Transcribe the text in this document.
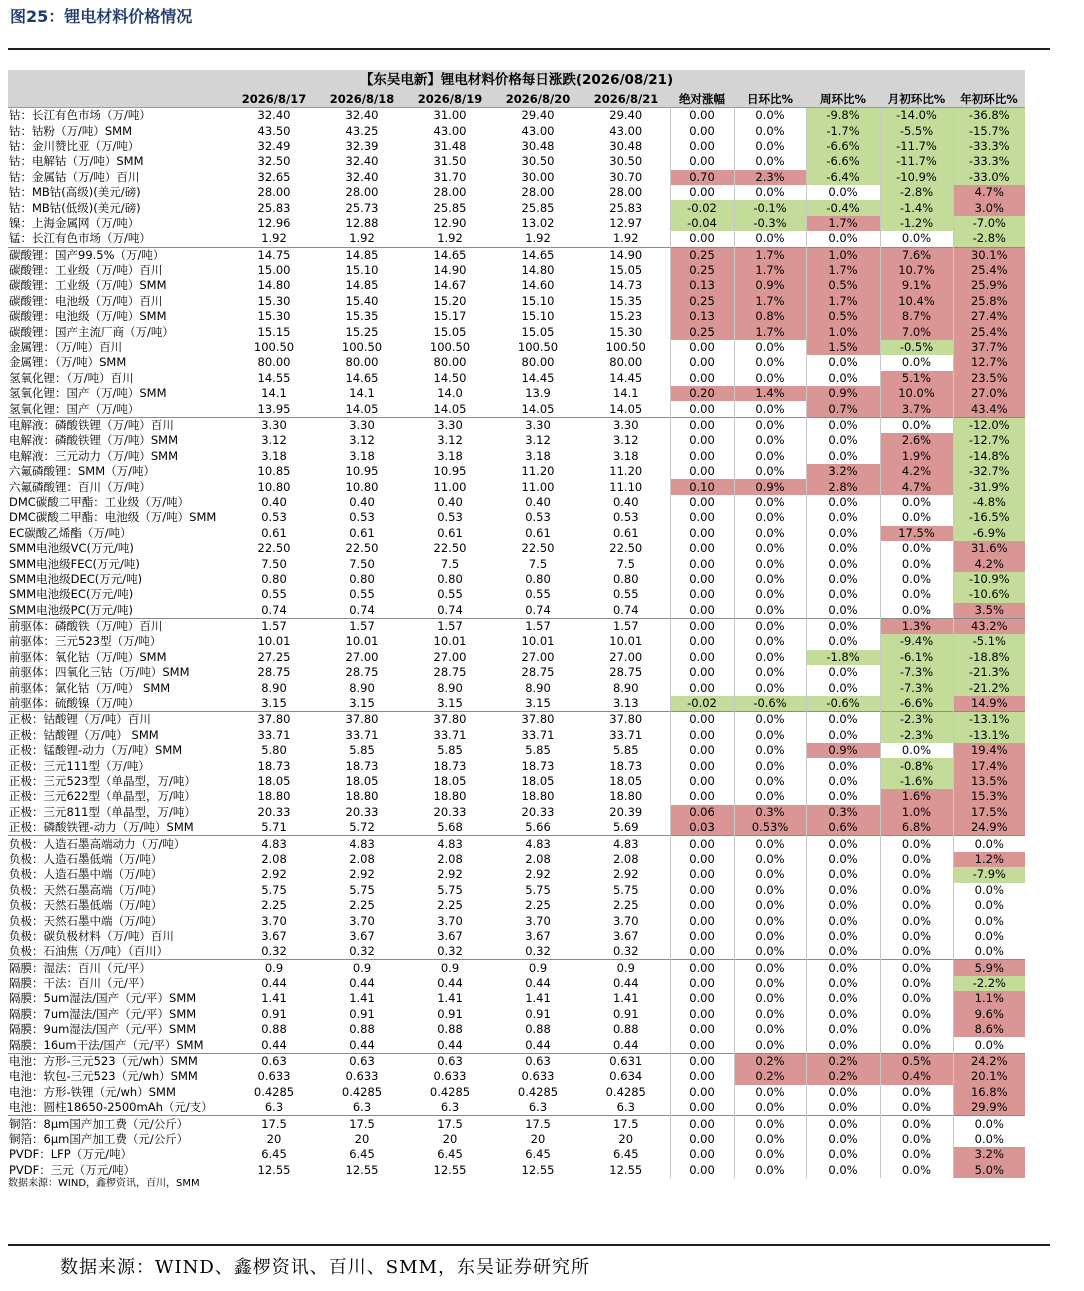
图25：锂电材料价格情况
【东吴电新】锂电材料价格每日涨跌(2026/08/21)										
	2026/8/17	2026/8/18	2026/8/19	2026/8/20	2026/8/21	绝对涨幅	日环比%	周环比%	月初环比%	年初环比%
钴：长江有色市场（万/吨）	32.40	32.40	31.00	29.40	29.40	0.00	0.0%	-9.8%	-14.0%	-36.8%
钴：钴粉（万/吨）SMM	43.50	43.25	43.00	43.00	43.00	0.00	0.0%	-1.7%	-5.5%	-15.7%
钴：金川赞比亚（万/吨）	32.49	32.39	31.48	30.48	30.48	0.00	0.0%	-6.6%	-11.7%	-33.3%
钴：电解钴（万/吨）SMM	32.50	32.40	31.50	30.50	30.50	0.00	0.0%	-6.6%	-11.7%	-33.3%
钴：金属钴（万/吨）百川	32.65	32.40	31.70	30.00	30.70	0.70	2.3%	-6.4%	-10.9%	-33.0%
钴：MB钴(高级)(美元/磅)	28.00	28.00	28.00	28.00	28.00	0.00	0.0%	0.0%	-2.8%	4.7%
钴：MB钴(低级)(美元/磅)	25.83	25.73	25.85	25.85	25.83	-0.02	-0.1%	-0.4%	-1.4%	3.0%
镍：上海金属网（万/吨）	12.96	12.88	12.90	13.02	12.97	-0.04	-0.3%	1.7%	-1.2%	-7.0%
锰：长江有色市场（万/吨）	1.92	1.92	1.92	1.92	1.92	0.00	0.0%	0.0%	0.0%	-2.8%
碳酸锂：国产99.5%（万/吨）	14.75	14.85	14.65	14.65	14.90	0.25	1.7%	1.0%	7.6%	30.1%
碳酸锂：工业级（万/吨）百川	15.00	15.10	14.90	14.80	15.05	0.25	1.7%	1.7%	10.7%	25.4%
碳酸锂：工业级（万/吨）SMM	14.80	14.85	14.67	14.60	14.73	0.13	0.9%	0.5%	9.1%	25.9%
碳酸锂：电池级（万/吨）百川	15.30	15.40	15.20	15.10	15.35	0.25	1.7%	1.7%	10.4%	25.8%
碳酸锂：电池级（万/吨）SMM	15.30	15.35	15.17	15.10	15.23	0.13	0.8%	0.5%	8.7%	27.4%
碳酸锂：国产主流厂商（万/吨）	15.15	15.25	15.05	15.05	15.30	0.25	1.7%	1.0%	7.0%	25.4%
金属锂：（万/吨）百川	100.50	100.50	100.50	100.50	100.50	0.00	0.0%	1.5%	-0.5%	37.7%
金属锂：（万/吨）SMM	80.00	80.00	80.00	80.00	80.00	0.00	0.0%	0.0%	0.0%	12.7%
氢氧化锂：（万/吨）百川	14.55	14.65	14.50	14.45	14.45	0.00	0.0%	0.0%	5.1%	23.5%
氢氧化锂：国产（万/吨）SMM	14.1	14.1	14.0	13.9	14.1	0.20	1.4%	0.9%	10.0%	27.0%
氢氧化锂：国产（万/吨）	13.95	14.05	14.05	14.05	14.05	0.00	0.0%	0.7%	3.7%	43.4%
电解液：磷酸铁锂（万/吨）百川	3.30	3.30	3.30	3.30	3.30	0.00	0.0%	0.0%	0.0%	-12.0%
电解液：磷酸铁锂（万/吨）SMM	3.12	3.12	3.12	3.12	3.12	0.00	0.0%	0.0%	2.6%	-12.7%
电解液：三元动力（万/吨）SMM	3.18	3.18	3.18	3.18	3.18	0.00	0.0%	0.0%	1.9%	-14.8%
六氟磷酸锂：SMM（万/吨）	10.85	10.95	10.95	11.20	11.20	0.00	0.0%	3.2%	4.2%	-32.7%
六氟磷酸锂：百川（万/吨）	10.80	10.80	11.00	11.00	11.10	0.10	0.9%	2.8%	4.7%	-31.9%
DMC碳酸二甲酯：工业级（万/吨）	0.40	0.40	0.40	0.40	0.40	0.00	0.0%	0.0%	0.0%	-4.8%
DMC碳酸二甲酯：电池级（万/吨）SMM	0.53	0.53	0.53	0.53	0.53	0.00	0.0%	0.0%	0.0%	-16.5%
EC碳酸乙烯酯（万/吨）	0.61	0.61	0.61	0.61	0.61	0.00	0.0%	0.0%	17.5%	-6.9%
SMM电池级VC(万元/吨)	22.50	22.50	22.50	22.50	22.50	0.00	0.0%	0.0%	0.0%	31.6%
SMM电池级FEC(万元/吨)	7.50	7.50	7.5	7.5	7.5	0.00	0.0%	0.0%	0.0%	4.2%
SMM电池级DEC(万元/吨)	0.80	0.80	0.80	0.80	0.80	0.00	0.0%	0.0%	0.0%	-10.9%
SMM电池级EC(万元/吨)	0.55	0.55	0.55	0.55	0.55	0.00	0.0%	0.0%	0.0%	-10.6%
SMM电池级PC(万元/吨)	0.74	0.74	0.74	0.74	0.74	0.00	0.0%	0.0%	0.0%	3.5%
前驱体：磷酸铁（万/吨）百川	1.57	1.57	1.57	1.57	1.57	0.00	0.0%	0.0%	1.3%	43.2%
前驱体：三元523型（万/吨）	10.01	10.01	10.01	10.01	10.01	0.00	0.0%	0.0%	-9.4%	-5.1%
前驱体：氧化钴（万/吨）SMM	27.25	27.00	27.00	27.00	27.00	0.00	0.0%	-1.8%	-6.1%	-18.8%
前驱体：四氧化三钴（万/吨）SMM	28.75	28.75	28.75	28.75	28.75	0.00	0.0%	0.0%	-7.3%	-21.3%
前驱体：氯化钴（万/吨） SMM	8.90	8.90	8.90	8.90	8.90	0.00	0.0%	0.0%	-7.3%	-21.2%
前驱体：硫酸镍（万/吨）	3.15	3.15	3.15	3.15	3.13	-0.02	-0.6%	-0.6%	-6.6%	14.9%
正极：钴酸锂（万/吨）百川	37.80	37.80	37.80	37.80	37.80	0.00	0.0%	0.0%	-2.3%	-13.1%
正极：钴酸锂（万/吨） SMM	33.71	33.71	33.71	33.71	33.71	0.00	0.0%	0.0%	-2.3%	-13.1%
正极：锰酸锂-动力（万/吨）SMM	5.80	5.85	5.85	5.85	5.85	0.00	0.0%	0.9%	0.0%	19.4%
正极：三元111型（万/吨）	18.73	18.73	18.73	18.73	18.73	0.00	0.0%	0.0%	-0.8%	17.4%
正极：三元523型（单晶型，万/吨）	18.05	18.05	18.05	18.05	18.05	0.00	0.0%	0.0%	-1.6%	13.5%
正极：三元622型（单晶型，万/吨）	18.80	18.80	18.80	18.80	18.80	0.00	0.0%	0.0%	1.6%	15.3%
正极：三元811型（单晶型，万/吨）	20.33	20.33	20.33	20.33	20.39	0.06	0.3%	0.3%	1.0%	17.5%
正极：磷酸铁锂-动力（万/吨）SMM	5.71	5.72	5.68	5.66	5.69	0.03	0.53%	0.6%	6.8%	24.9%
负极：人造石墨高端动力（万/吨）	4.83	4.83	4.83	4.83	4.83	0.00	0.0%	0.0%	0.0%	0.0%
负极：人造石墨低端（万/吨）	2.08	2.08	2.08	2.08	2.08	0.00	0.0%	0.0%	0.0%	1.2%
负极：人造石墨中端（万/吨）	2.92	2.92	2.92	2.92	2.92	0.00	0.0%	0.0%	0.0%	-7.9%
负极：天然石墨高端（万/吨）	5.75	5.75	5.75	5.75	5.75	0.00	0.0%	0.0%	0.0%	0.0%
负极：天然石墨低端（万/吨）	2.25	2.25	2.25	2.25	2.25	0.00	0.0%	0.0%	0.0%	0.0%
负极：天然石墨中端（万/吨）	3.70	3.70	3.70	3.70	3.70	0.00	0.0%	0.0%	0.0%	0.0%
负极：碳负极材料（万/吨）百川	3.67	3.67	3.67	3.67	3.67	0.00	0.0%	0.0%	0.0%	0.0%
负极：石油焦（万/吨）（百川）	0.32	0.32	0.32	0.32	0.32	0.00	0.0%	0.0%	0.0%	0.0%
隔膜：湿法：百川（元/平）	0.9	0.9	0.9	0.9	0.9	0.00	0.0%	0.0%	0.0%	5.9%
隔膜：干法：百川（元/平）	0.44	0.44	0.44	0.44	0.44	0.00	0.0%	0.0%	0.0%	-2.2%
隔膜：5um湿法/国产（元/平）SMM	1.41	1.41	1.41	1.41	1.41	0.00	0.0%	0.0%	0.0%	1.1%
隔膜：7um湿法/国产（元/平）SMM	0.91	0.91	0.91	0.91	0.91	0.00	0.0%	0.0%	0.0%	9.6%
隔膜：9um湿法/国产（元/平）SMM	0.88	0.88	0.88	0.88	0.88	0.00	0.0%	0.0%	0.0%	8.6%
隔膜：16um干法/国产（元/平）SMM	0.44	0.44	0.44	0.44	0.44	0.00	0.0%	0.0%	0.0%	0.0%
电池：方形-三元523（元/wh）SMM	0.63	0.63	0.63	0.63	0.631	0.00	0.2%	0.2%	0.5%	24.2%
电池：软包-三元523（元/wh）SMM	0.633	0.633	0.633	0.633	0.634	0.00	0.2%	0.2%	0.4%	20.1%
电池：方形-铁锂（元/wh）SMM	0.4285	0.4285	0.4285	0.4285	0.4285	0.00	0.0%	0.0%	0.0%	16.8%
电池：圆柱18650-2500mAh（元/支）	6.3	6.3	6.3	6.3	6.3	0.00	0.0%	0.0%	0.0%	29.9%
铜箔：8μm国产加工费（元/公斤）	17.5	17.5	17.5	17.5	17.5	0.00	0.0%	0.0%	0.0%	0.0%
铜箔：6μm国产加工费（元/公斤）	20	20	20	20	20	0.00	0.0%	0.0%	0.0%	0.0%
PVDF：LFP（万元/吨）	6.45	6.45	6.45	6.45	6.45	0.00	0.0%	0.0%	0.0%	3.2%
PVDF：三元（万元/吨）	12.55	12.55	12.55	12.55	12.55	0.00	0.0%	0.0%	0.0%	5.0%
数据来源：WIND，鑫椤资讯，百川，SMM
数据来源：WIND、鑫椤资讯、百川、SMM，东吴证券研究所
